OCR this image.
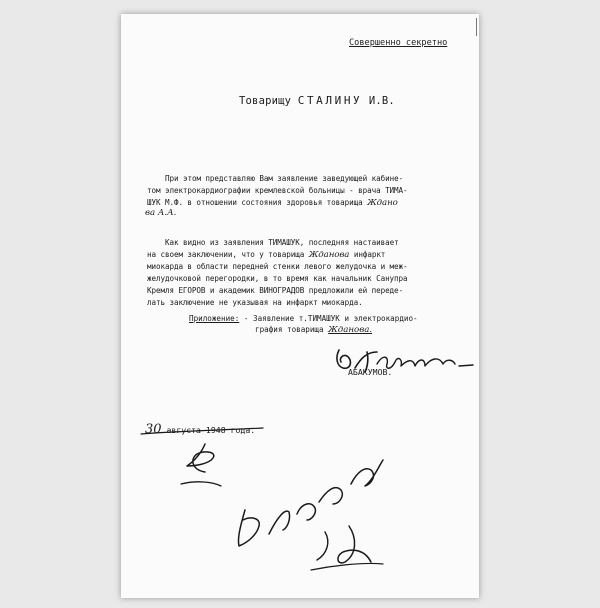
Совершенно секретно
Товарищу СТАЛИНУ И.В.
При этом представляю Вам заявление заведующей кабине-
том электрокардиографии кремлевской больницы - врача ТИМА-
ШУК М.Ф. в отношении состояния здоровья товарища Ждано
ва А.А.
Как видно из заявления ТИМАШУК, последняя настаивает
на своем заключении, что у товарища Жданова инфаркт
миокарда в области передней стенки левого желудочка и меж-
желудочковой перегородки, в то время как начальник Санупра
Кремля ЕГОРОВ и академик ВИНОГРАДОВ предложили ей переде-
лать заключение не указывая на инфаркт миокарда.
Приложение: - Заявление т.ТИМАШУК и электрокардио-
графия товарища Жданова.
АБАКУМОВ.
30 августа 1948 года.
